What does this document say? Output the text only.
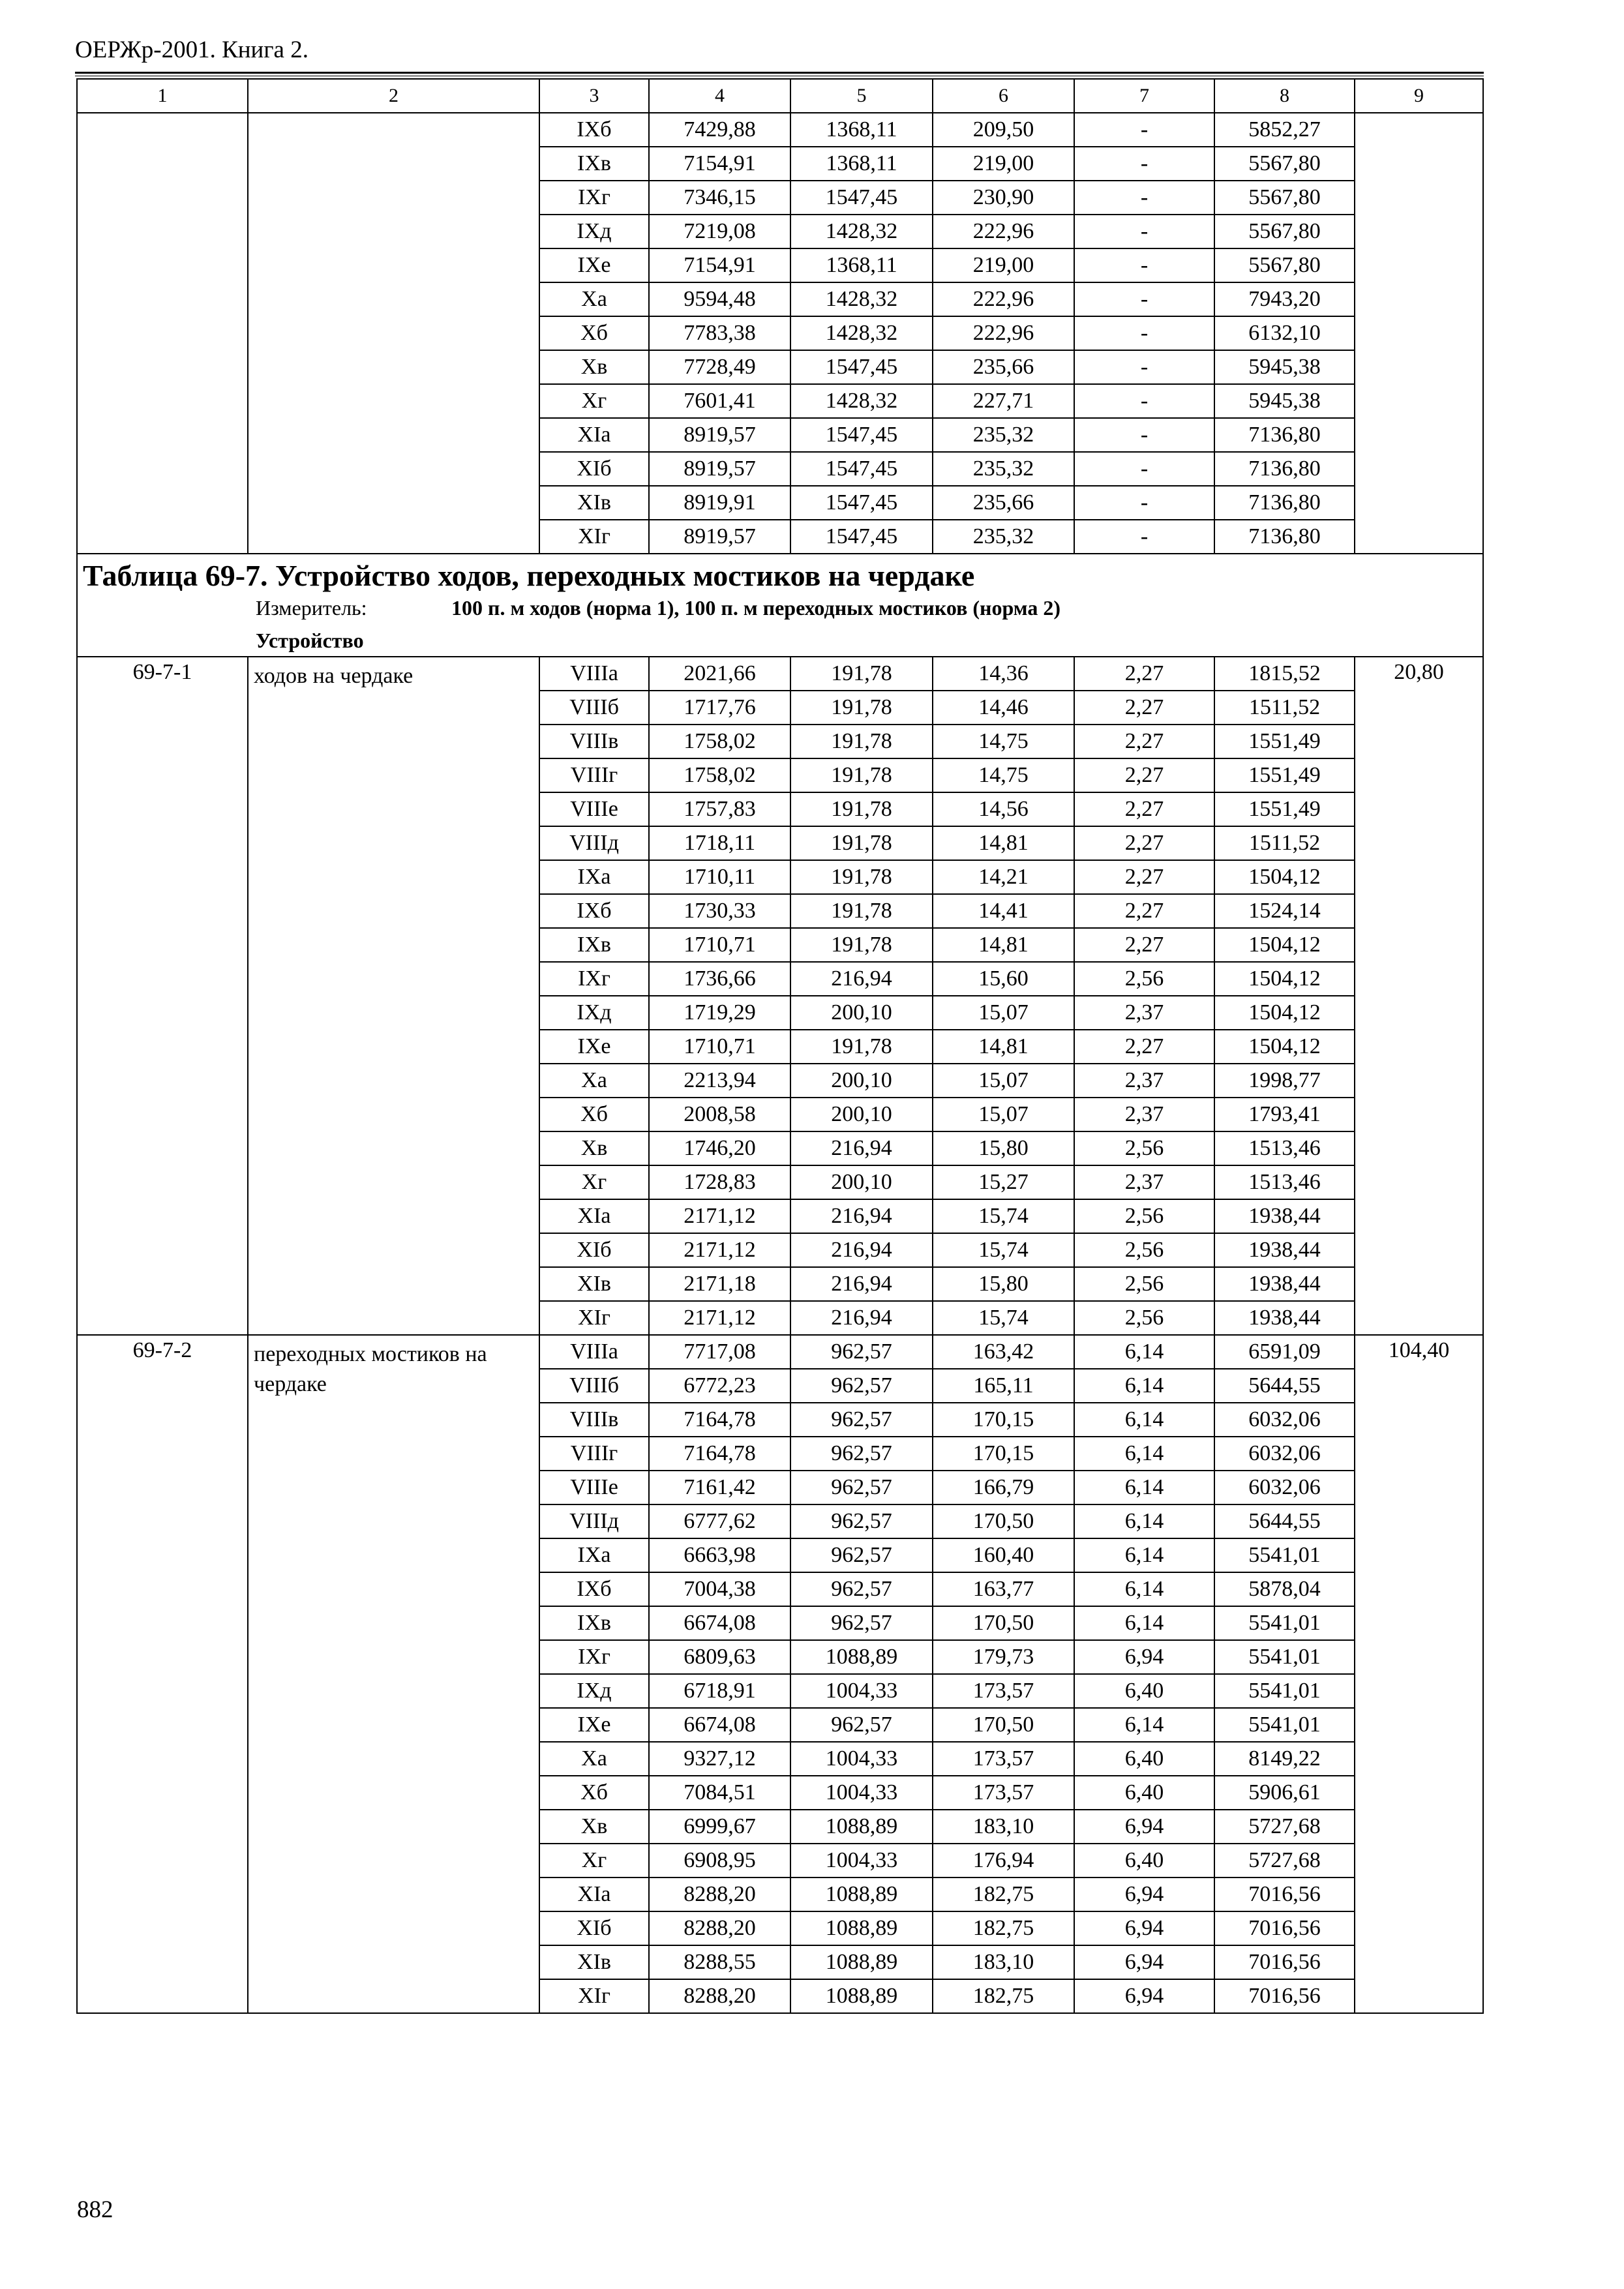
ОЕРЖр-2001. Книга 2.
1	2	3	4	5	6	7	8	9
		IXб	7429,88	1368,11	209,50	-	5852,27	
		IXв	7154,91	1368,11	219,00	-	5567,80	
		IXг	7346,15	1547,45	230,90	-	5567,80	
		IXд	7219,08	1428,32	222,96	-	5567,80	
		IXе	7154,91	1368,11	219,00	-	5567,80	
		Xа	9594,48	1428,32	222,96	-	7943,20	
		Xб	7783,38	1428,32	222,96	-	6132,10	
		Xв	7728,49	1547,45	235,66	-	5945,38	
		Xг	7601,41	1428,32	227,71	-	5945,38	
		XIа	8919,57	1547,45	235,32	-	7136,80	
		XIб	8919,57	1547,45	235,32	-	7136,80	
		XIв	8919,91	1547,45	235,66	-	7136,80	
		XIг	8919,57	1547,45	235,32	-	7136,80	

Таблица 69-7. Устройство ходов, переходных мостиков на чердаке
Измеритель: 100 п. м ходов (норма 1), 100 п. м переходных мостиков (норма 2)								

Устройство								
69-7-1	ходов на чердаке	VIIIа	2021,66	191,78	14,36	2,27	1815,52	20,80
		VIIIб	1717,76	191,78	14,46	2,27	1511,52	
		VIIIв	1758,02	191,78	14,75	2,27	1551,49	
		VIIIг	1758,02	191,78	14,75	2,27	1551,49	
		VIIIе	1757,83	191,78	14,56	2,27	1551,49	
		VIIIд	1718,11	191,78	14,81	2,27	1511,52	
		IXа	1710,11	191,78	14,21	2,27	1504,12	
		IXб	1730,33	191,78	14,41	2,27	1524,14	
		IXв	1710,71	191,78	14,81	2,27	1504,12	
		IXг	1736,66	216,94	15,60	2,56	1504,12	
		IXд	1719,29	200,10	15,07	2,37	1504,12	
		IXе	1710,71	191,78	14,81	2,27	1504,12	
		Xа	2213,94	200,10	15,07	2,37	1998,77	
		Xб	2008,58	200,10	15,07	2,37	1793,41	
		Xв	1746,20	216,94	15,80	2,56	1513,46	
		Xг	1728,83	200,10	15,27	2,37	1513,46	
		XIа	2171,12	216,94	15,74	2,56	1938,44	
		XIб	2171,12	216,94	15,74	2,56	1938,44	
		XIв	2171,18	216,94	15,80	2,56	1938,44	
		XIг	2171,12	216,94	15,74	2,56	1938,44	
69-7-2	переходных мостиков на чердаке	VIIIа	7717,08	962,57	163,42	6,14	6591,09	104,40
		VIIIб	6772,23	962,57	165,11	6,14	5644,55	
		VIIIв	7164,78	962,57	170,15	6,14	6032,06	
		VIIIг	7164,78	962,57	170,15	6,14	6032,06	
		VIIIе	7161,42	962,57	166,79	6,14	6032,06	
		VIIIд	6777,62	962,57	170,50	6,14	5644,55	
		IXа	6663,98	962,57	160,40	6,14	5541,01	
		IXб	7004,38	962,57	163,77	6,14	5878,04	
		IXв	6674,08	962,57	170,50	6,14	5541,01	
		IXг	6809,63	1088,89	179,73	6,94	5541,01	
		IXд	6718,91	1004,33	173,57	6,40	5541,01	
		IXе	6674,08	962,57	170,50	6,14	5541,01	
		Xа	9327,12	1004,33	173,57	6,40	8149,22	
		Xб	7084,51	1004,33	173,57	6,40	5906,61	
		Xв	6999,67	1088,89	183,10	6,94	5727,68	
		Xг	6908,95	1004,33	176,94	6,40	5727,68	
		XIа	8288,20	1088,89	182,75	6,94	7016,56	
		XIб	8288,20	1088,89	182,75	6,94	7016,56	
		XIв	8288,55	1088,89	183,10	6,94	7016,56	
		XIг	8288,20	1088,89	182,75	6,94	7016,56	
882
